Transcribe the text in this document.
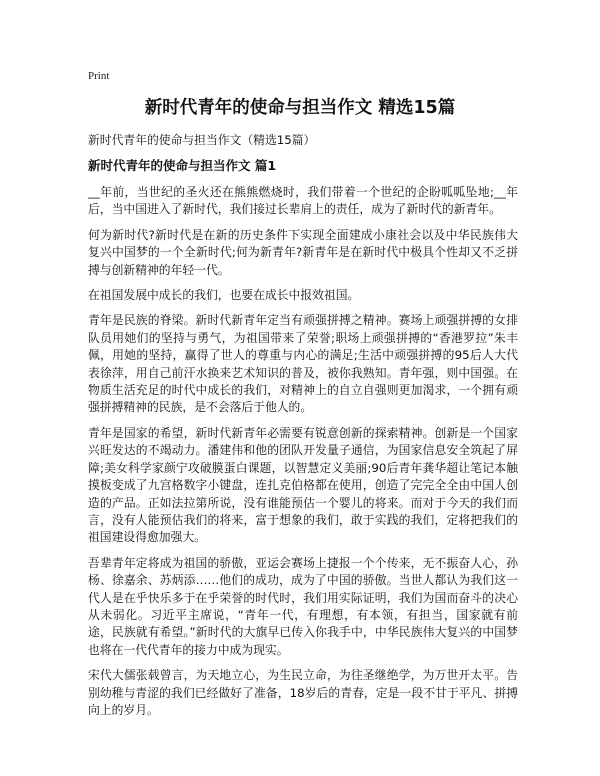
Print
新时代青年的使命与担当作文 精选15篇

新时代青年的使命与担当作文（精选15篇）

新时代青年的使命与担当作文 篇1

__年前，当世纪的圣火还在熊熊燃烧时，我们带着一个世纪的企盼呱呱坠地;__年后，当中国进入了新时代，我们接过长辈肩上的责任，成为了新时代的新青年。

何为新时代?新时代是在新的历史条件下实现全面建成小康社会以及中华民族伟大复兴中国梦的一个全新时代;何为新青年?新青年是在新时代中极具个性却又不乏拼搏与创新精神的年轻一代。

在祖国发展中成长的我们，也要在成长中报效祖国。

青年是民族的脊梁。新时代新青年定当有顽强拼搏之精神。赛场上顽强拼搏的女排队员用她们的坚持与勇气，为祖国带来了荣誉;职场上顽强拼搏的“香港罗拉”朱丰佩，用她的坚持，赢得了世人的尊重与内心的满足;生活中顽强拼搏的95后人大代表徐萍，用自己前汗水换来艺术知识的普及，被你我熟知。青年强，则中国强。在物质生活充足的时代中成长的我们，对精神上的自立自强则更加渴求，一个拥有顽强拼搏精神的民族，是不会落后于他人的。

青年是国家的希望，新时代新青年必需要有锐意创新的探索精神。创新是一个国家兴旺发达的不竭动力。潘建伟和他的团队开发量子通信，为国家信息安全筑起了屏障;美女科学家颜宁攻破膜蛋白课题，以智慧定义美丽;90后青年龚华超让笔记本触摸板变成了九宫格数字小键盘，连扎克伯格都在使用，创造了完完全全由中国人创造的产品。正如法拉第所说，没有谁能预估一个婴儿的将来。而对于今天的我们而言，没有人能预估我们的将来，富于想象的我们，敢于实践的我们，定将把我们的祖国建设得愈加强大。

吾辈青年定将成为祖国的骄傲，亚运会赛场上捷报一个个传来，无不振奋人心，孙杨、徐嘉余、苏炳添……他们的成功，成为了中国的骄傲。当世人都认为我们这一代人是在乎快乐多于在乎荣誉的时代时，我们用实际证明，我们为国而奋斗的决心从未弱化。习近平主席说，“青年一代，有理想，有本领，有担当，国家就有前途，民族就有希望。”新时代的大旗早已传入你我手中，中华民族伟大复兴的中国梦也将在一代代青年的接力中成为现实。

宋代大儒张载曾言，为天地立心，为生民立命，为往圣继绝学，为万世开太平。告别幼稚与青涩的我们已经做好了准备，18岁后的青春，定是一段不甘于平凡、拼搏向上的岁月。
